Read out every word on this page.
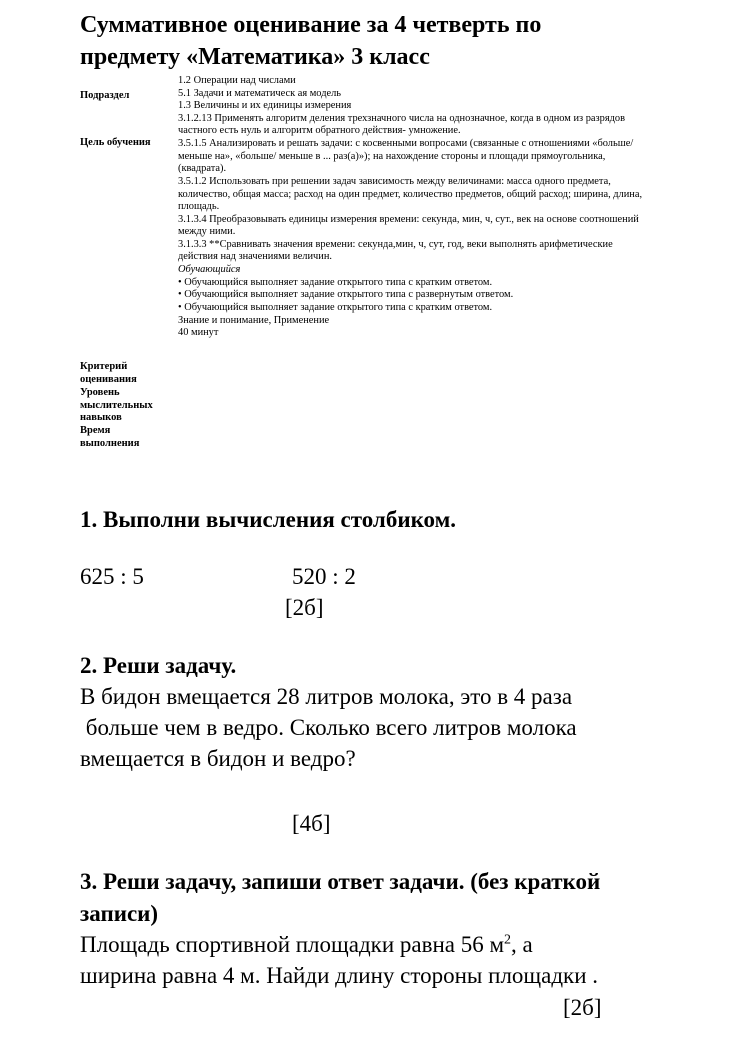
Суммативное оценивание за 4 четверть по
предмету «Математика» 3 класс
Подраздел
Цель обучения
Критерий
оценивания
Уровень
мыслительных
навыков
Время
выполнения
1.2 Операции над числами
5.1 Задачи и математическ ая модель
1.3 Величины и их единицы измерения
3.1.2.13 Применять алгоритм деления трехзначного числа на однозначное, когда в одном из разрядов
частного есть нуль и алгоритм обратного действия- умножение.
3.5.1.5 Анализировать и решать задачи: с косвенными вопросами (связанные с отношениями «больше/
меньше на», «больше/ меньше в ... раз(а)»); на нахождение стороны и площади прямоугольника,
(квадрата).
3.5.1.2 Использовать при решении задач зависимость между величинами: масса одного предмета,
количество, общая масса; расход на один предмет, количество предметов, общий расход; ширина, длина,
площадь.
3.1.3.4 Преобразовывать единицы измерения времени: секунда, мин, ч, сут., век на основе соотношений
между ними.
3.1.3.3 **Сравнивать значения времени: секунда,мин, ч, сут, год, веки выполнять арифметические
действия над значениями величин.
Обучающийся
• Обучающийся выполняет задание открытого типа с кратким ответом.
• Обучающийся выполняет задание открытого типа с развернутым ответом.
• Обучающийся выполняет задание открытого типа с кратким ответом.
Знание и понимание, Применение
40 минут
1. Выполни вычисления столбиком.
625 : 5	520 : 2
[2б]
2. Реши задачу.
В бидон вмещается 28 литров молока, это в 4 раза
больше чем в ведро. Сколько всего литров молока
вмещается в бидон и ведро?
[4б]
3. Реши задачу, запиши ответ задачи. (без краткой
записи)
Площадь спортивной площадки равна 56 $м^2$, а
ширина равна 4 м. Найди длину стороны площадки .
[2б]
